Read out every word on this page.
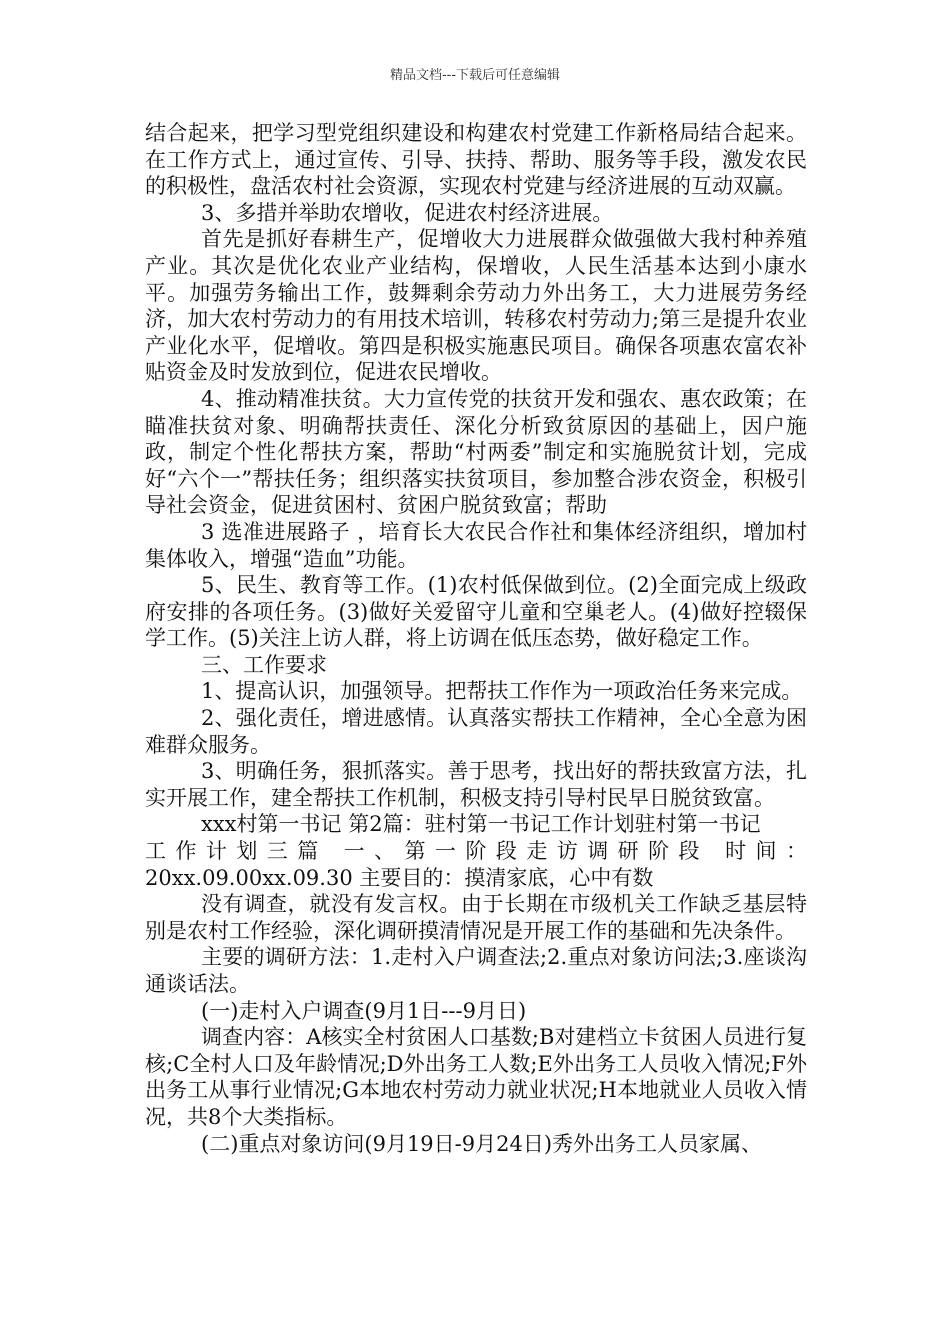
精品文档---下载后可任意编辑

结合起来，把学习型党组织建设和构建农村党建工作新格局结合起来。在工作方式上，通过宣传、引导、扶持、帮助、服务等手段，激发农民的积极性，盘活农村社会资源，实现农村党建与经济进展的互动双赢。

3、多措并举助农增收，促进农村经济进展。

首先是抓好春耕生产，促增收大力进展群众做强做大我村种养殖产业。其次是优化农业产业结构，保增收，人民生活基本达到小康水平。加强劳务输出工作，鼓舞剩余劳动力外出务工，大力进展劳务经济，加大农村劳动力的有用技术培训，转移农村劳动力;第三是提升农业产业化水平，促增收。第四是积极实施惠民项目。确保各项惠农富农补贴资金及时发放到位，促进农民增收。

4、推动精准扶贫。大力宣传党的扶贫开发和强农、惠农政策；在瞄准扶贫对象、明确帮扶责任、深化分析致贫原因的基础上，因户施政，制定个性化帮扶方案，帮助“村两委”制定和实施脱贫计划，完成好“六个一”帮扶任务；组织落实扶贫项目，参加整合涉农资金，积极引导社会资金，促进贫困村、贫困户脱贫致富；帮助

3 选准进展路子 ，培育长大农民合作社和集体经济组织，增加村集体收入，增强“造血”功能。

5、民生、教育等工作。(1)农村低保做到位。(2)全面完成上级政府安排的各项任务。(3)做好关爱留守儿童和空巢老人。(4)做好控辍保学工作。(5)关注上访人群，将上访调在低压态势，做好稳定工作。

三、工作要求

1、提高认识，加强领导。把帮扶工作作为一项政治任务来完成。

2、强化责任，增进感情。认真落实帮扶工作精神，全心全意为困难群众服务。

3、明确任务，狠抓落实。善于思考，找出好的帮扶致富方法，扎实开展工作，建全帮扶工作机制，积极支持引导村民早日脱贫致富。

xxx村第一书记 第2篇：驻村第一书记工作计划驻村第一书记

工作计划三篇 一、第一阶段走访调研阶段 时间：

20xx.09.00xx.09.30 主要目的：摸清家底，心中有数

没有调查，就没有发言权。由于长期在市级机关工作缺乏基层特别是农村工作经验，深化调研摸清情况是开展工作的基础和先决条件。

主要的调研方法：1.走村入户调查法;2.重点对象访问法;3.座谈沟通谈话法。

(一)走村入户调查(9月1日---9月日)

调查内容：A核实全村贫困人口基数;B对建档立卡贫困人员进行复核;C全村人口及年龄情况;D外出务工人数;E外出务工人员收入情况;F外出务工从事行业情况;G本地农村劳动力就业状况;H本地就业人员收入情况，共8个大类指标。

(二)重点对象访问(9月19日-9月24日)秀外出务工人员家属、
